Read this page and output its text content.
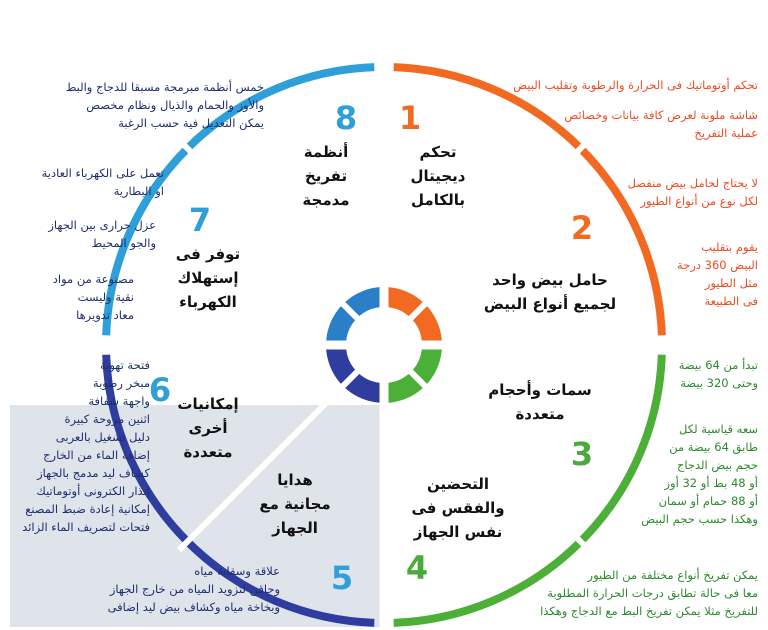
1
2
3
4
5
6
7
8
تحكم
ديجيتال
بالكامل
حامل بيض واحد
لجميع أنواع البيض
سمات وأحجام
متعددة
التحضين
والفقس فى
نفس الجهاز
هدايا
مجانية مع
الجهاز
إمكانيات
أخرى
متعددة
توفر فى
إستهلاك
الكهرباء
أنظمة
تفريخ
مدمجة
تحكم أوتوماتيك فى الحرارة والرطوبة وتقليب البيض
شاشة ملونة لعرض كافة بيانات وخصائص
عملية التفريخ
لا يحتاج لحامل بيض منفصل
لكل نوع من أنواع الطيور
يقوم بتقليب
البيض 360 درجة
مثل الطيور
فى الطبيعة
تبدأ من 64 بيضة
وحتى 320 بيضة
سعه قياسية لكل
طابق 64 بيضة من
حجم بيض الدجاج
أو 48 بط أو 32 أوز
أو 88 حمام أو سمان
وهكذا حسب حجم البيض
يمكن تفريخ أنواع مختلفة من الطيور
معا فى حالة تطابق درجات الحرارة المطلوبة
للتفريخ مثلا يمكن تفريخ البط مع الدجاج وهكذا
خمس أنظمة مبرمجة مسبقا للدجاج والبط
والأوز والحمام والذيال ونظام مخصص
يمكن التعديل فية حسب الرغبة
تعمل على الكهرباء العادية
او البطارية
عزل حرارى بين الجهاز
والجو المحيط
مصنوعة من مواد
نقية وليست
معاد تدويرها
فتحة تهوية
مبخر رطوبة
واجهة شفافة
اثنين مروحة كبيرة
دليل تشغيل بالعربى
إضافة الماء من الخارج
كشاف ليد مدمج بالجهاز
إنذار الكترونى أوتوماتيك
إمكانية إعادة ضبط المصنع
فتحات لتصريف الماء الزائد
علاقة وسقاية مياه
وحاقن لتزويد المياه من خارج الجهاز
وبخاخة مياه وكشاف بيض ليد إضافى
